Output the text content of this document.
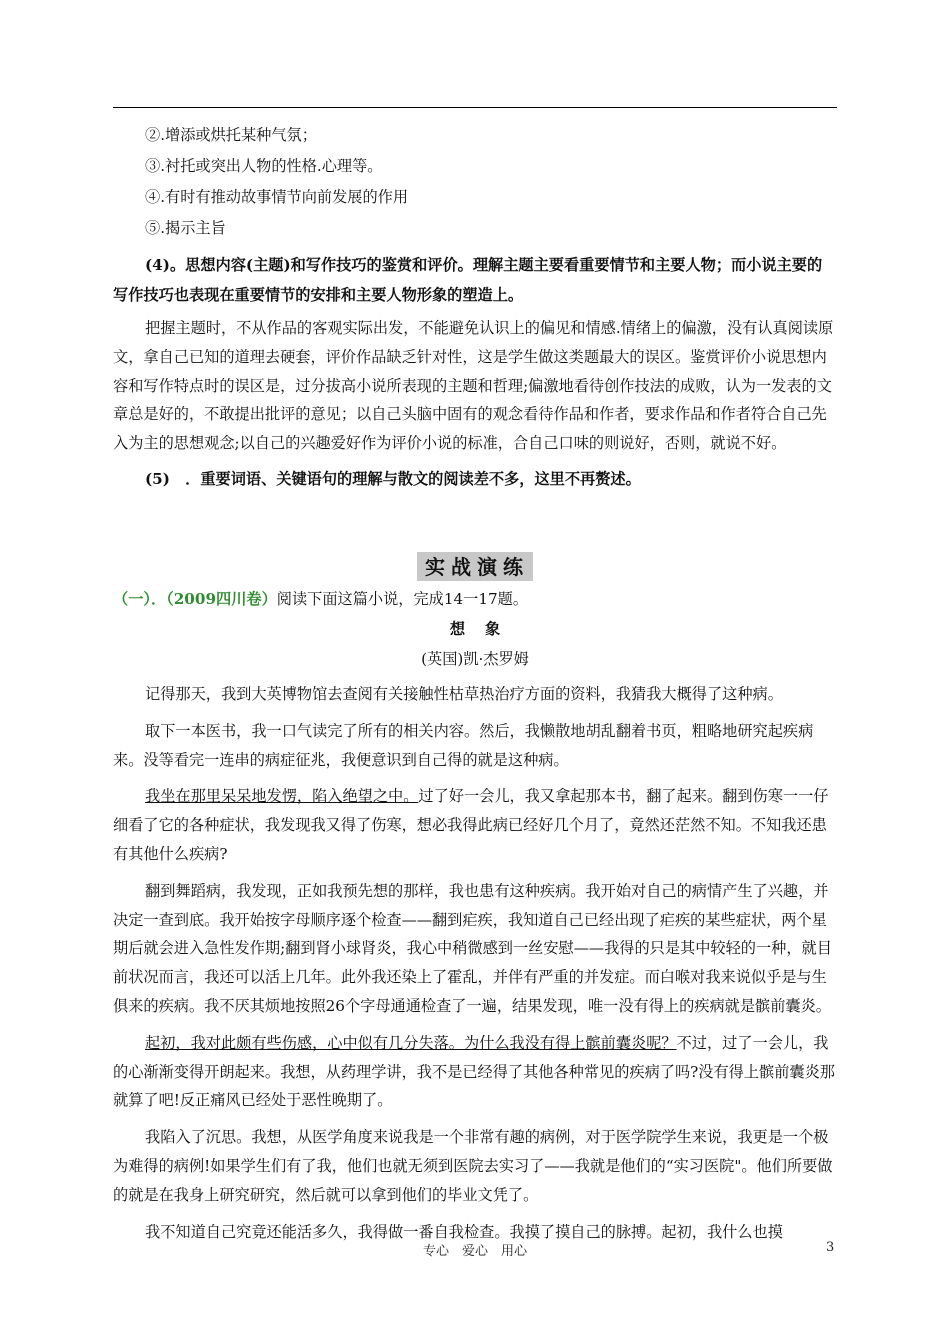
②.增添或烘托某种气氛；

③.衬托或突出人物的性格.心理等。

④.有时有推动故事情节向前发展的作用

⑤.揭示主旨

(4)。思想内容(主题)和写作技巧的鉴赏和评价。理解主题主要看重要情节和主要人物；而小说主要的写作技巧也表现在重要情节的安排和主要人物形象的塑造上。

把握主题时，不从作品的客观实际出发，不能避免认识上的偏见和情感.情绪上的偏激，没有认真阅读原文，拿自己已知的道理去硬套，评价作品缺乏针对性，这是学生做这类题最大的误区。鉴赏评价小说思想内容和写作特点时的误区是，过分拔高小说所表现的主题和哲理;偏激地看待创作技法的成败，认为一发表的文章总是好的，不敢提出批评的意见；以自己头脑中固有的观念看待作品和作者，要求作品和作者符合自己先入为主的思想观念;以自己的兴趣爱好作为评价小说的标准，合自己口味的则说好，否则，就说不好。

(5)　．重要词语、关键语句的理解与散文的阅读差不多，这里不再赘述。

实战演练

（一）．（2009四川卷）阅读下面这篇小说，完成14一17题。

想象

(英国)凯·杰罗姆

记得那天，我到大英博物馆去查阅有关接触性枯草热治疗方面的资料，我猜我大概得了这种病。

取下一本医书，我一口气读完了所有的相关内容。然后，我懒散地胡乱翻着书页，粗略地研究起疾病来。没等看完一连串的病症征兆，我便意识到自己得的就是这种病。

我坐在那里呆呆地发愣，陷入绝望之中。过了好一会儿，我又拿起那本书，翻了起来。翻到伤寒一一仔细看了它的各种症状，我发现我又得了伤寒，想必我得此病已经好几个月了，竟然还茫然不知。不知我还患有其他什么疾病?

翻到舞蹈病，我发现，正如我预先想的那样，我也患有这种疾病。我开始对自己的病情产生了兴趣，并决定一查到底。我开始按字母顺序逐个检查——翻到疟疾，我知道自己已经出现了疟疾的某些症状，两个星期后就会进入急性发作期;翻到肾小球肾炎，我心中稍微感到一丝安慰——我得的只是其中较轻的一种，就目前状况而言，我还可以活上几年。此外我还染上了霍乱，并伴有严重的并发症。而白喉对我来说似乎是与生俱来的疾病。我不厌其烦地按照26个字母通通检查了一遍，结果发现，唯一没有得上的疾病就是髌前囊炎。

起初，我对此颇有些伤感，心中似有几分失落。为什么我没有得上髌前囊炎呢？不过，过了一会儿，我的心渐渐变得开朗起来。我想，从药理学讲，我不是已经得了其他各种常见的疾病了吗?没有得上髌前囊炎那就算了吧!反正痛风已经处于恶性晚期了。

我陷入了沉思。我想，从医学角度来说我是一个非常有趣的病例，对于医学院学生来说，我更是一个极为难得的病例!如果学生们有了我，他们也就无须到医院去实习了——我就是他们的“实习医院"。他们所要做的就是在我身上研究研究，然后就可以拿到他们的毕业文凭了。

我不知道自己究竟还能活多久，我得做一番自我检查。我摸了摸自己的脉搏。起初，我什么也摸

专心　爱心　用心	3
